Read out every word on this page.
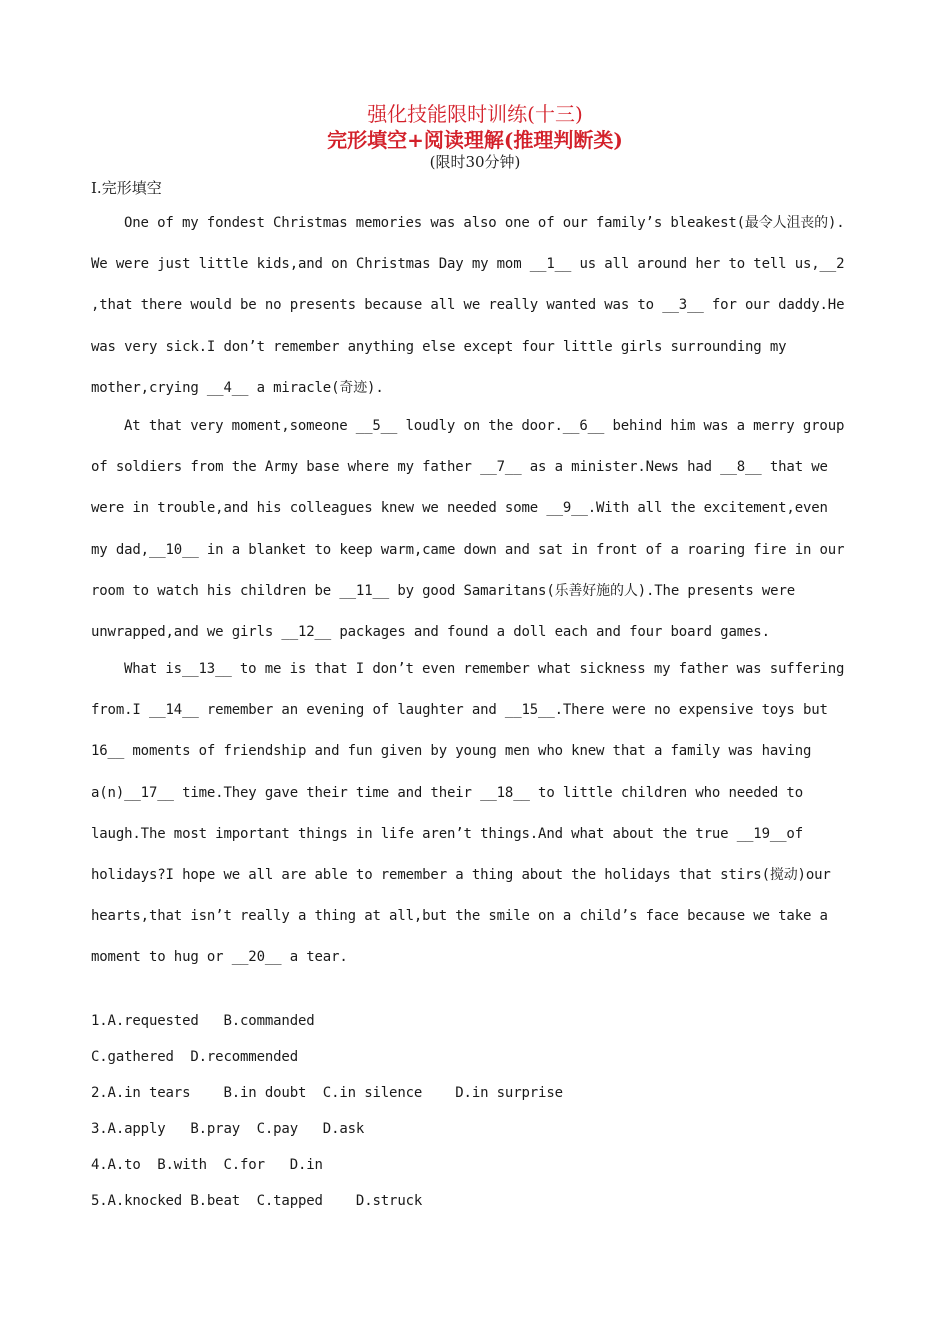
强化技能限时训练(十三)
完形填空+阅读理解(推理判断类)
(限时30分钟)
I.完形填空
One of my fondest Christmas memories was also one of our family’s bleakest(最令人沮丧的).
We were just little kids,and on Christmas Day my mom __1__ us all around her to tell us,__2
,that there would be no presents because all we really wanted was to __3__ for our daddy.He
was very sick.I don’t remember anything else except four little girls surrounding my
mother,crying __4__ a miracle(奇迹).
At that very moment,someone __5__ loudly on the door.__6__ behind him was a merry group
of soldiers from the Army base where my father __7__ as a minister.News had __8__ that we
were in trouble,and his colleagues knew we needed some __9__.With all the excitement,even
my dad,__10__ in a blanket to keep warm,came down and sat in front of a roaring fire in our
room to watch his children be __11__ by good Samaritans(乐善好施的人).The presents were
unwrapped,and we girls __12__ packages and found a doll each and four board games.
What is__13__ to me is that I don’t even remember what sickness my father was suffering
from.I __14__ remember an evening of laughter and __15__.There were no expensive toys but
16__ moments of friendship and fun given by young men who knew that a family was having
a(n)__17__ time.They gave their time and their __18__ to little children who needed to
laugh.The most important things in life aren’t things.And what about the true __19__of
holidays?I hope we all are able to remember a thing about the holidays that stirs(搅动)our
hearts,that isn’t really a thing at all,but the smile on a child’s face because we take a
moment to hug or __20__ a tear.
1.A.requested   B.commanded
C.gathered  D.recommended
2.A.in tears    B.in doubt  C.in silence    D.in surprise
3.A.apply   B.pray  C.pay   D.ask
4.A.to  B.with  C.for   D.in
5.A.knocked B.beat  C.tapped    D.struck
